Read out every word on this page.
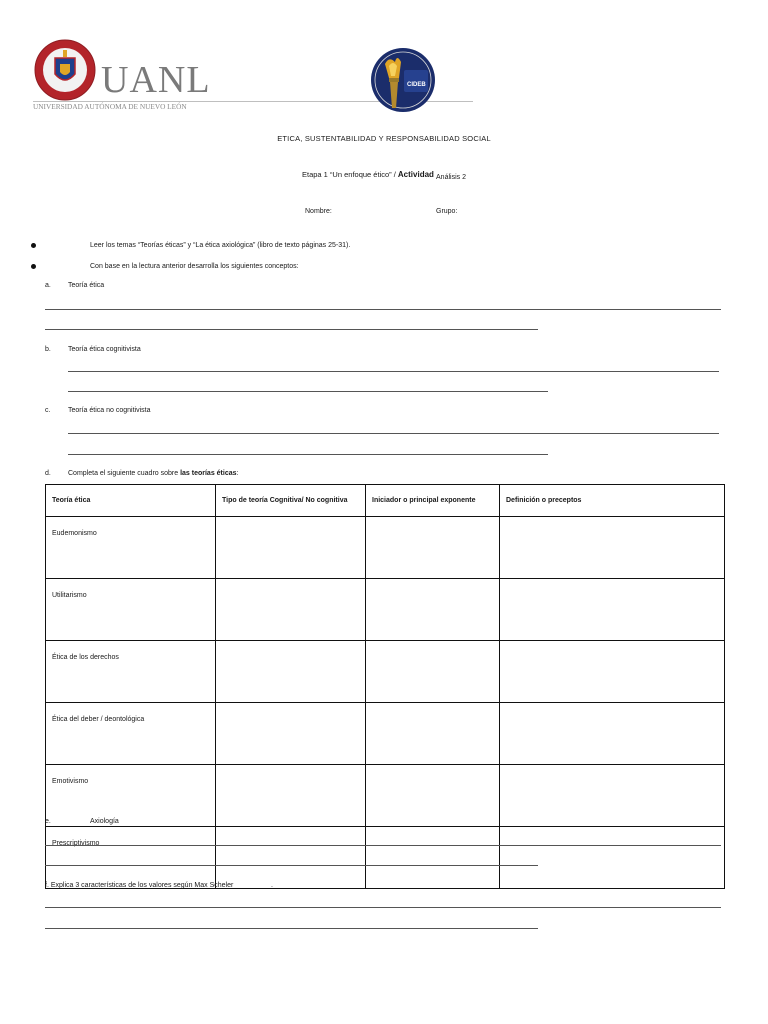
UANL
UNIVERSIDAD AUTÓNOMA DE NUEVO LEÓN
CIDEB
ETICA, SUSTENTABILIDAD Y RESPONSABILIDAD SOCIAL
Etapa 1 “Un enfoque ético” / Actividad Análisis 2
Nombre:	Grupo:
Leer los temas “Teorías éticas” y “La ética axiológica” (libro de texto páginas 25-31).
Con base en la lectura anterior desarrolla los siguientes conceptos:
a. Teoría ética
b. Teoría ética cognitivista
c.	Teoría ética no cognitivista
d. Completa el siguiente cuadro sobre las teorías éticas:
Teoría ética	Tipo de teoría Cognitiva/ No cognitiva	Iniciador o principal exponente	Definición o preceptos
Eudemonismo			
Utilitarismo			
Ética de los derechos			
Ética del deber / deontológica			
Emotivismo			
Prescriptivismo			
e.	Axiología
f. Explica 3 características de los valores según Max Scheler	.
